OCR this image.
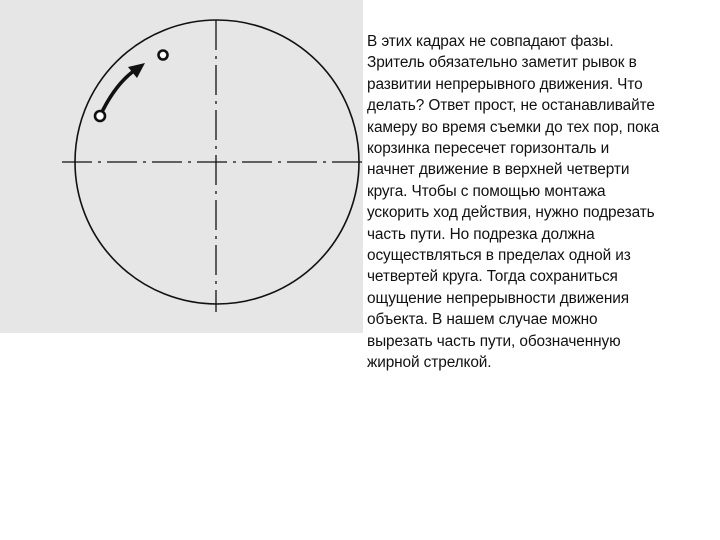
В этих кадрах не совпадают фазы.
Зритель обязательно заметит рывок в
развитии непрерывного движения. Что
делать? Ответ прост, не останавливайте
камеру во время съемки до тех пор, пока
корзинка пересечет горизонталь и
начнет движение в верхней четверти
круга. Чтобы с помощью монтажа
ускорить ход действия, нужно подрезать
часть пути. Но подрезка должна
осуществляться в пределах одной из
четвертей круга. Тогда сохраниться
ощущение непрерывности движения
объекта. В нашем случае можно
вырезать часть пути, обозначенную
жирной стрелкой.
